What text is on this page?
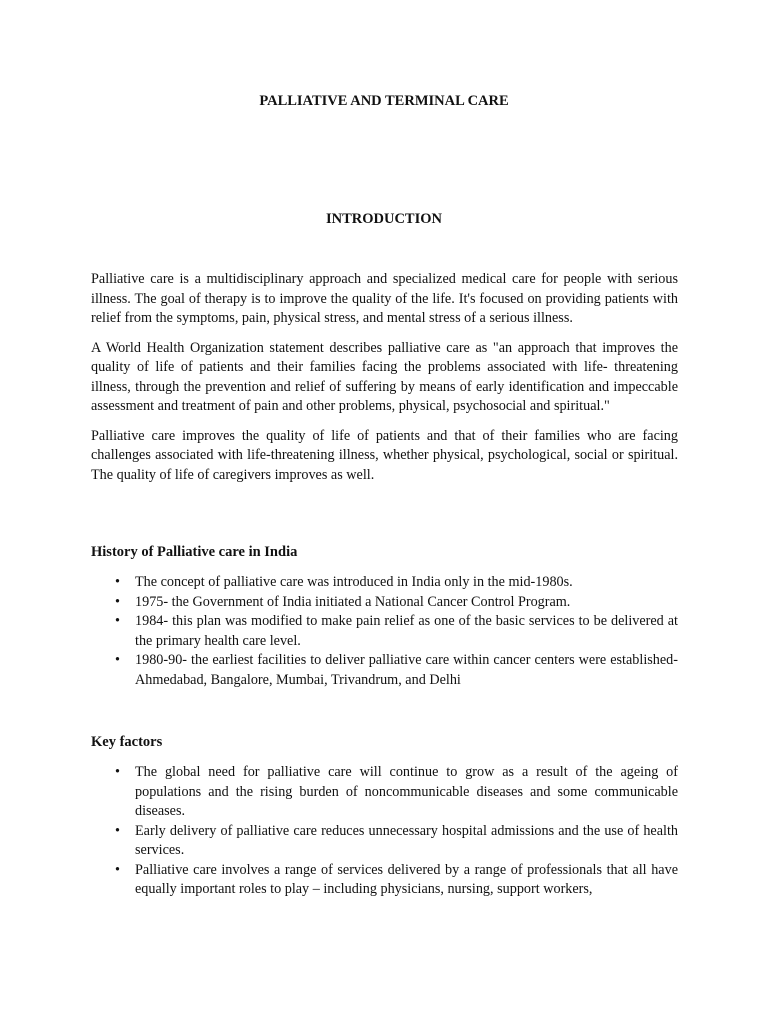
PALLIATIVE AND TERMINAL CARE
INTRODUCTION

Palliative care is a multidisciplinary approach and specialized medical care for people with serious illness. The goal of therapy is to improve the quality of the life. It's focused on providing patients with relief from the symptoms, pain, physical stress, and mental stress of a serious illness.

A World Health Organization statement describes palliative care as "an approach that improves the quality of life of patients and their families facing the problems associated with life- threatening illness, through the prevention and relief of suffering by means of early identification and impeccable assessment and treatment of pain and other problems, physical, psychosocial and spiritual."

Palliative care improves the quality of life of patients and that of their families who are facing challenges associated with life-threatening illness, whether physical, psychological, social or spiritual. The quality of life of caregivers improves as well.

History of Palliative care in India
•	The concept of palliative care was introduced in India only in the mid-1980s.
•	1975- the Government of India initiated a National Cancer Control Program.
•	1984- this plan was modified to make pain relief as one of the basic services to be delivered at the primary health care level.
•	1980-90- the earliest facilities to deliver palliative care within cancer centers were established- Ahmedabad, Bangalore, Mumbai, Trivandrum, and Delhi
Key factors
•	The global need for palliative care will continue to grow as a result of the ageing of populations and the rising burden of noncommunicable diseases and some communicable diseases.
•	Early delivery of palliative care reduces unnecessary hospital admissions and the use of health services.
•	Palliative care involves a range of services delivered by a range of professionals that all have equally important roles to play – including physicians, nursing, support workers,
